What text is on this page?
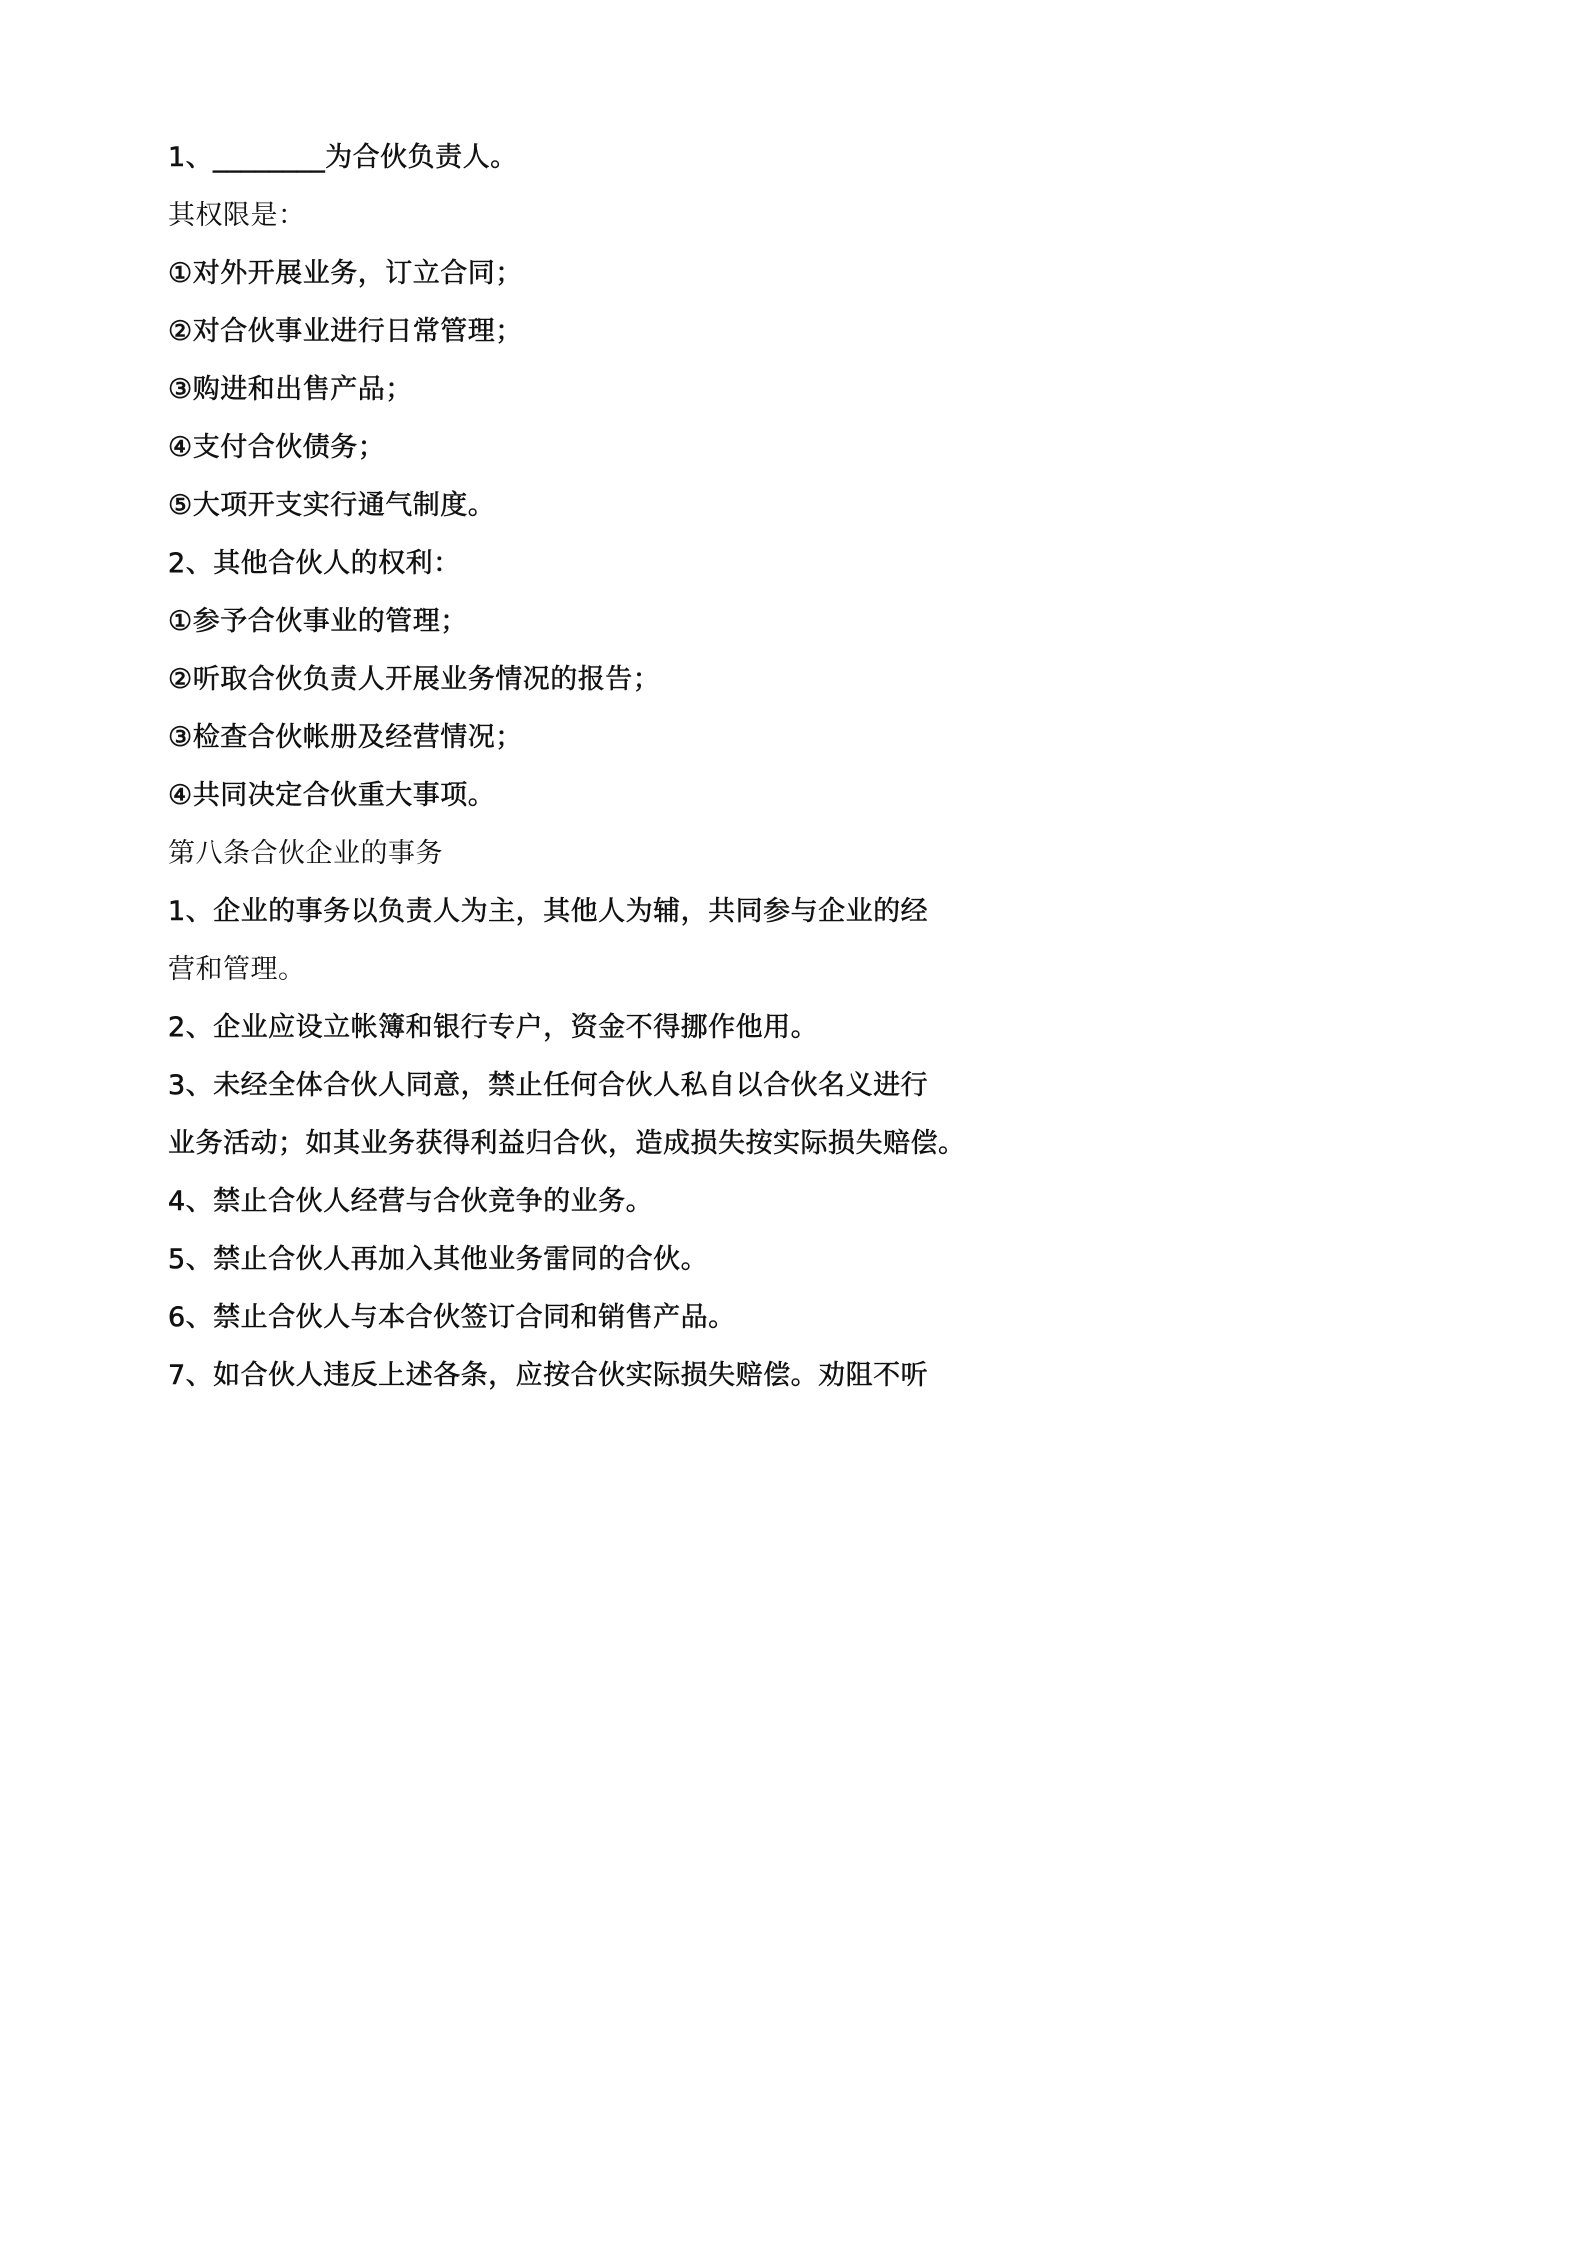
1、________为合伙负责人。
其权限是：
①对外开展业务，订立合同；
②对合伙事业进行日常管理；
③购进和出售产品；
④支付合伙债务；
⑤大项开支实行通气制度。
2、其他合伙人的权利：
①参予合伙事业的管理；
②听取合伙负责人开展业务情况的报告；
③检查合伙帐册及经营情况；
④共同决定合伙重大事项。
第八条合伙企业的事务
1、企业的事务以负责人为主，其他人为辅，共同参与企业的经
营和管理。
2、企业应设立帐簿和银行专户，资金不得挪作他用。
3、未经全体合伙人同意，禁止任何合伙人私自以合伙名义进行
业务活动；如其业务获得利益归合伙，造成损失按实际损失赔偿。
4、禁止合伙人经营与合伙竞争的业务。
5、禁止合伙人再加入其他业务雷同的合伙。
6、禁止合伙人与本合伙签订合同和销售产品。
7、如合伙人违反上述各条，应按合伙实际损失赔偿。劝阻不听
